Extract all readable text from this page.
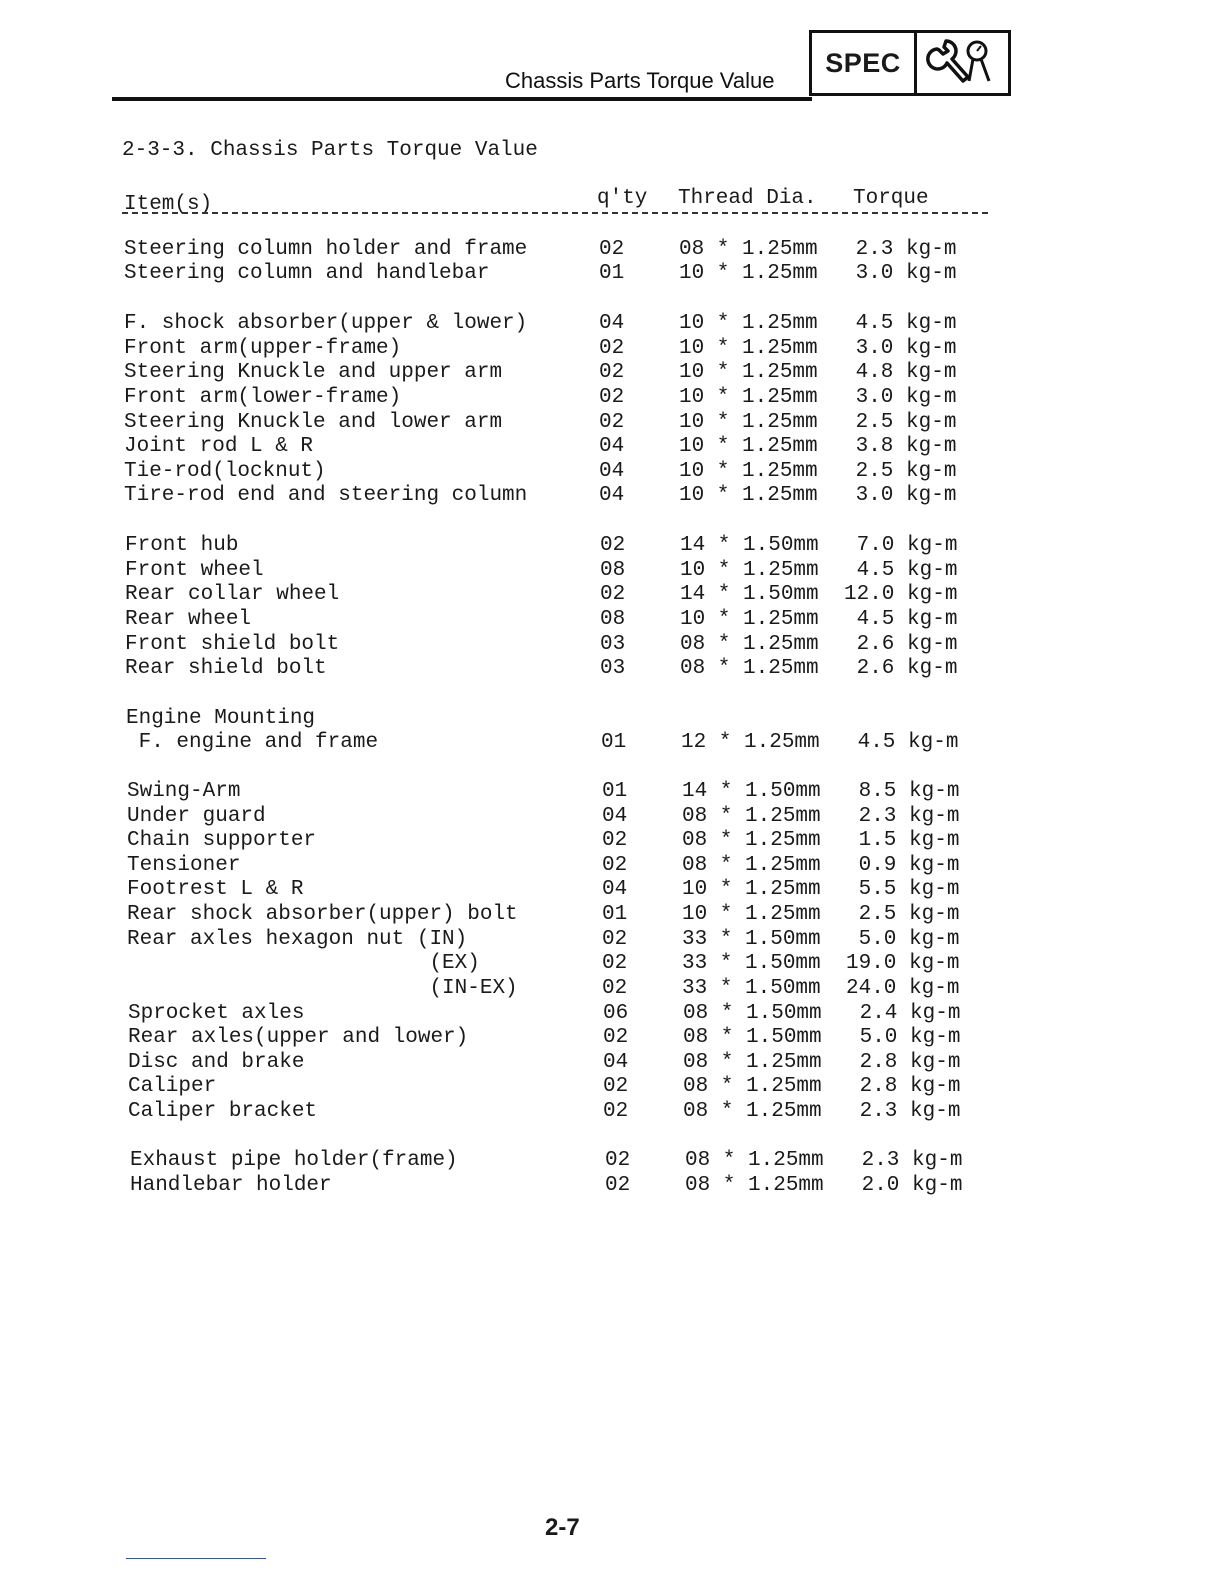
Chassis Parts Torque Value
SPEC
2-3-3. Chassis Parts Torque Value
Item(s)	q'ty Thread Dia. Torque
Steering column holder and frame	02	08 * 1.25mm 2.3 kg-m
Steering column and handlebar	01	10 * 1.25mm 3.0 kg-m
F. shock absorber(upper & lower)	04	10 * 1.25mm 4.5 kg-m
Front arm(upper-frame)	02	10 * 1.25mm 3.0 kg-m
Steering Knuckle and upper arm	02	10 * 1.25mm 4.8 kg-m
Front arm(lower-frame)	02	10 * 1.25mm 3.0 kg-m
Steering Knuckle and lower arm	02	10 * 1.25mm 2.5 kg-m
Joint rod L & R	04	10 * 1.25mm 3.8 kg-m
Tie-rod(locknut)	04	10 * 1.25mm 2.5 kg-m
Tire-rod end and steering column	04	10 * 1.25mm 3.0 kg-m
Front hub	02	14 * 1.50mm 7.0 kg-m
Front wheel	08	10 * 1.25mm 4.5 kg-m
Rear collar wheel	02	14 * 1.50mm 12.0 kg-m
Rear wheel	08	10 * 1.25mm 4.5 kg-m
Front shield bolt	03	08 * 1.25mm 2.6 kg-m
Rear shield bolt	03	08 * 1.25mm 2.6 kg-m
Engine Mounting
F. engine and frame	01	12 * 1.25mm 4.5 kg-m
Swing-Arm	01	14 * 1.50mm 8.5 kg-m
Under guard	04	08 * 1.25mm 2.3 kg-m
Chain supporter	02	08 * 1.25mm 1.5 kg-m
Tensioner	02	08 * 1.25mm 0.9 kg-m
Footrest L & R	04	10 * 1.25mm 5.5 kg-m
Rear shock absorber(upper) bolt	01	10 * 1.25mm 2.5 kg-m
Rear axles hexagon nut (IN)	02	33 * 1.50mm 5.0 kg-m
(EX)	02	33 * 1.50mm 19.0 kg-m
(IN-EX)	02	33 * 1.50mm 24.0 kg-m
Sprocket axles	06	08 * 1.50mm 2.4 kg-m
Rear axles(upper and lower)	02	08 * 1.50mm 5.0 kg-m
Disc and brake	04	08 * 1.25mm 2.8 kg-m
Caliper	02	08 * 1.25mm 2.8 kg-m
Caliper bracket	02	08 * 1.25mm 2.3 kg-m
Exhaust pipe holder(frame)	02	08 * 1.25mm 2.3 kg-m
Handlebar holder	02	08 * 1.25mm 2.0 kg-m
2-7
